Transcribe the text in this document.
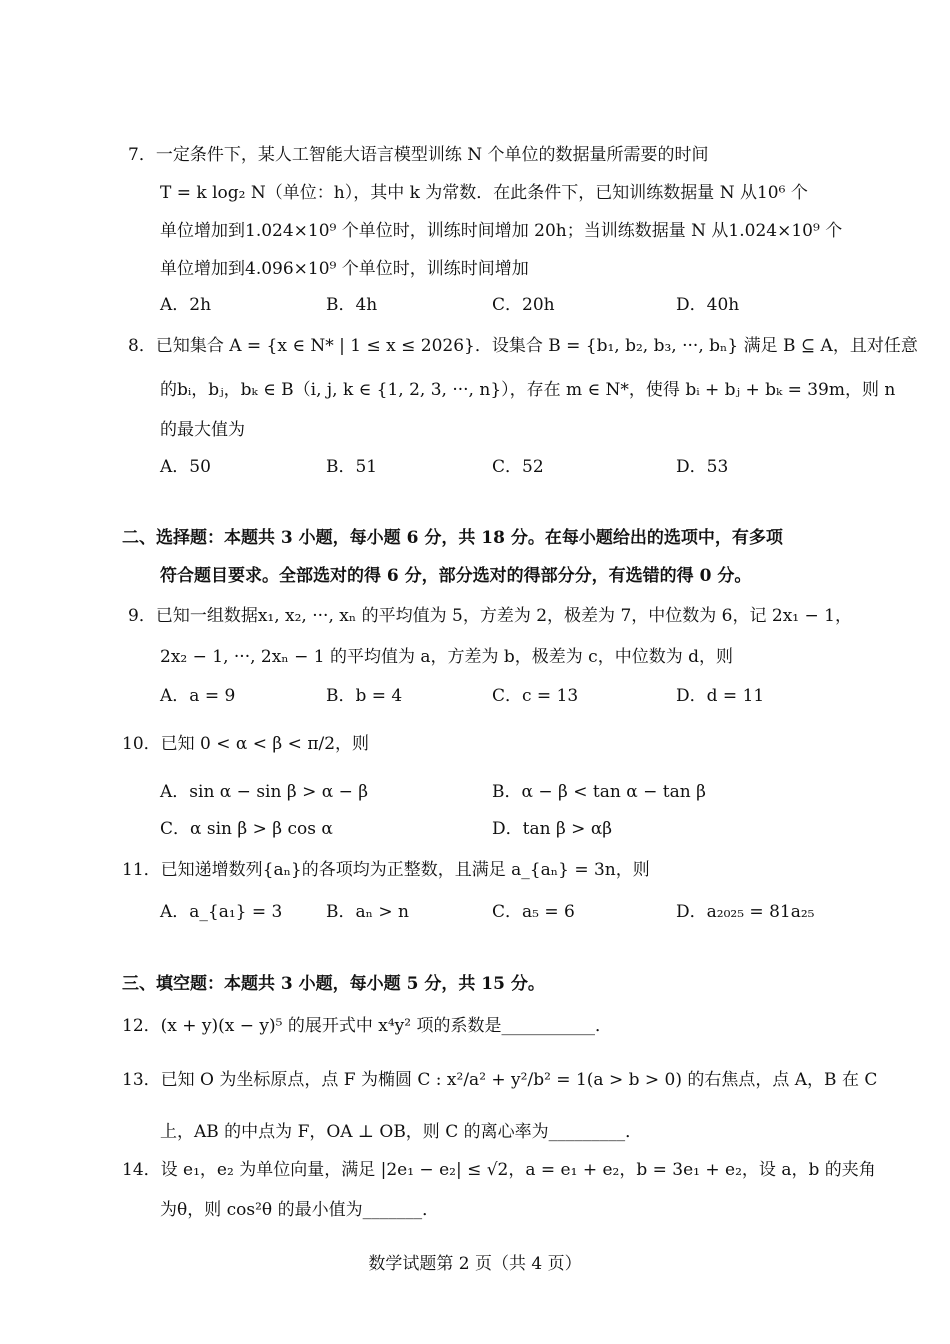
7．一定条件下，某人工智能大语言模型训练 N 个单位的数据量所需要的时间
T = k log₂ N（单位：h），其中 k 为常数．在此条件下，已知训练数据量 N 从10⁶ 个
单位增加到1.024×10⁹ 个单位时，训练时间增加 20h；当训练数据量 N 从1.024×10⁹ 个
单位增加到4.096×10⁹ 个单位时，训练时间增加
A．2h	B．4h	C．20h	D．40h
8．已知集合 A = {x ∈ N* | 1 ≤ x ≤ 2026}．设集合 B = {b₁, b₂, b₃, ···, bₙ} 满足 B ⊆ A，且对任意
的bᵢ，bⱼ，bₖ ∈ B（i, j, k ∈ {1, 2, 3, ···, n}），存在 m ∈ N*，使得 bᵢ + bⱼ + bₖ = 39m，则 n
的最大值为
A．50	B．51	C．52	D．53
二、选择题：本题共 3 小题，每小题 6 分，共 18 分。在每小题给出的选项中，有多项
符合题目要求。全部选对的得 6 分，部分选对的得部分分，有选错的得 0 分。
9．已知一组数据x₁, x₂, ···, xₙ 的平均值为 5，方差为 2，极差为 7，中位数为 6，记 2x₁ − 1，
2x₂ − 1, ···, 2xₙ − 1 的平均值为 a，方差为 b，极差为 c，中位数为 d，则
A．a = 9	B．b = 4	C．c = 13	D．d = 11
10．已知 0 < α < β < π/2，则
A．sin α − sin β > α − β	B．α − β < tan α − tan β
C．α sin β > β cos α	D．tan β > αβ
11．已知递增数列{aₙ}的各项均为正整数，且满足 a_{aₙ} = 3n，则
A．a_{a₁} = 3	B．aₙ > n	C．a₅ = 6	D．a₂₀₂₅ = 81a₂₅
三、填空题：本题共 3 小题，每小题 5 分，共 15 分。
12．(x + y)(x − y)⁵ 的展开式中 x⁴y² 项的系数是___________．
13．已知 O 为坐标原点，点 F 为椭圆 C : x²/a² + y²/b² = 1(a > b > 0) 的右焦点，点 A，B 在 C
上，AB 的中点为 F，OA ⊥ OB，则 C 的离心率为_________．
14．设 e₁，e₂ 为单位向量，满足 |2e₁ − e₂| ≤ √2，a = e₁ + e₂，b = 3e₁ + e₂，设 a，b 的夹角
为θ，则 cos²θ 的最小值为_______．
数学试题第 2 页（共 4 页）
